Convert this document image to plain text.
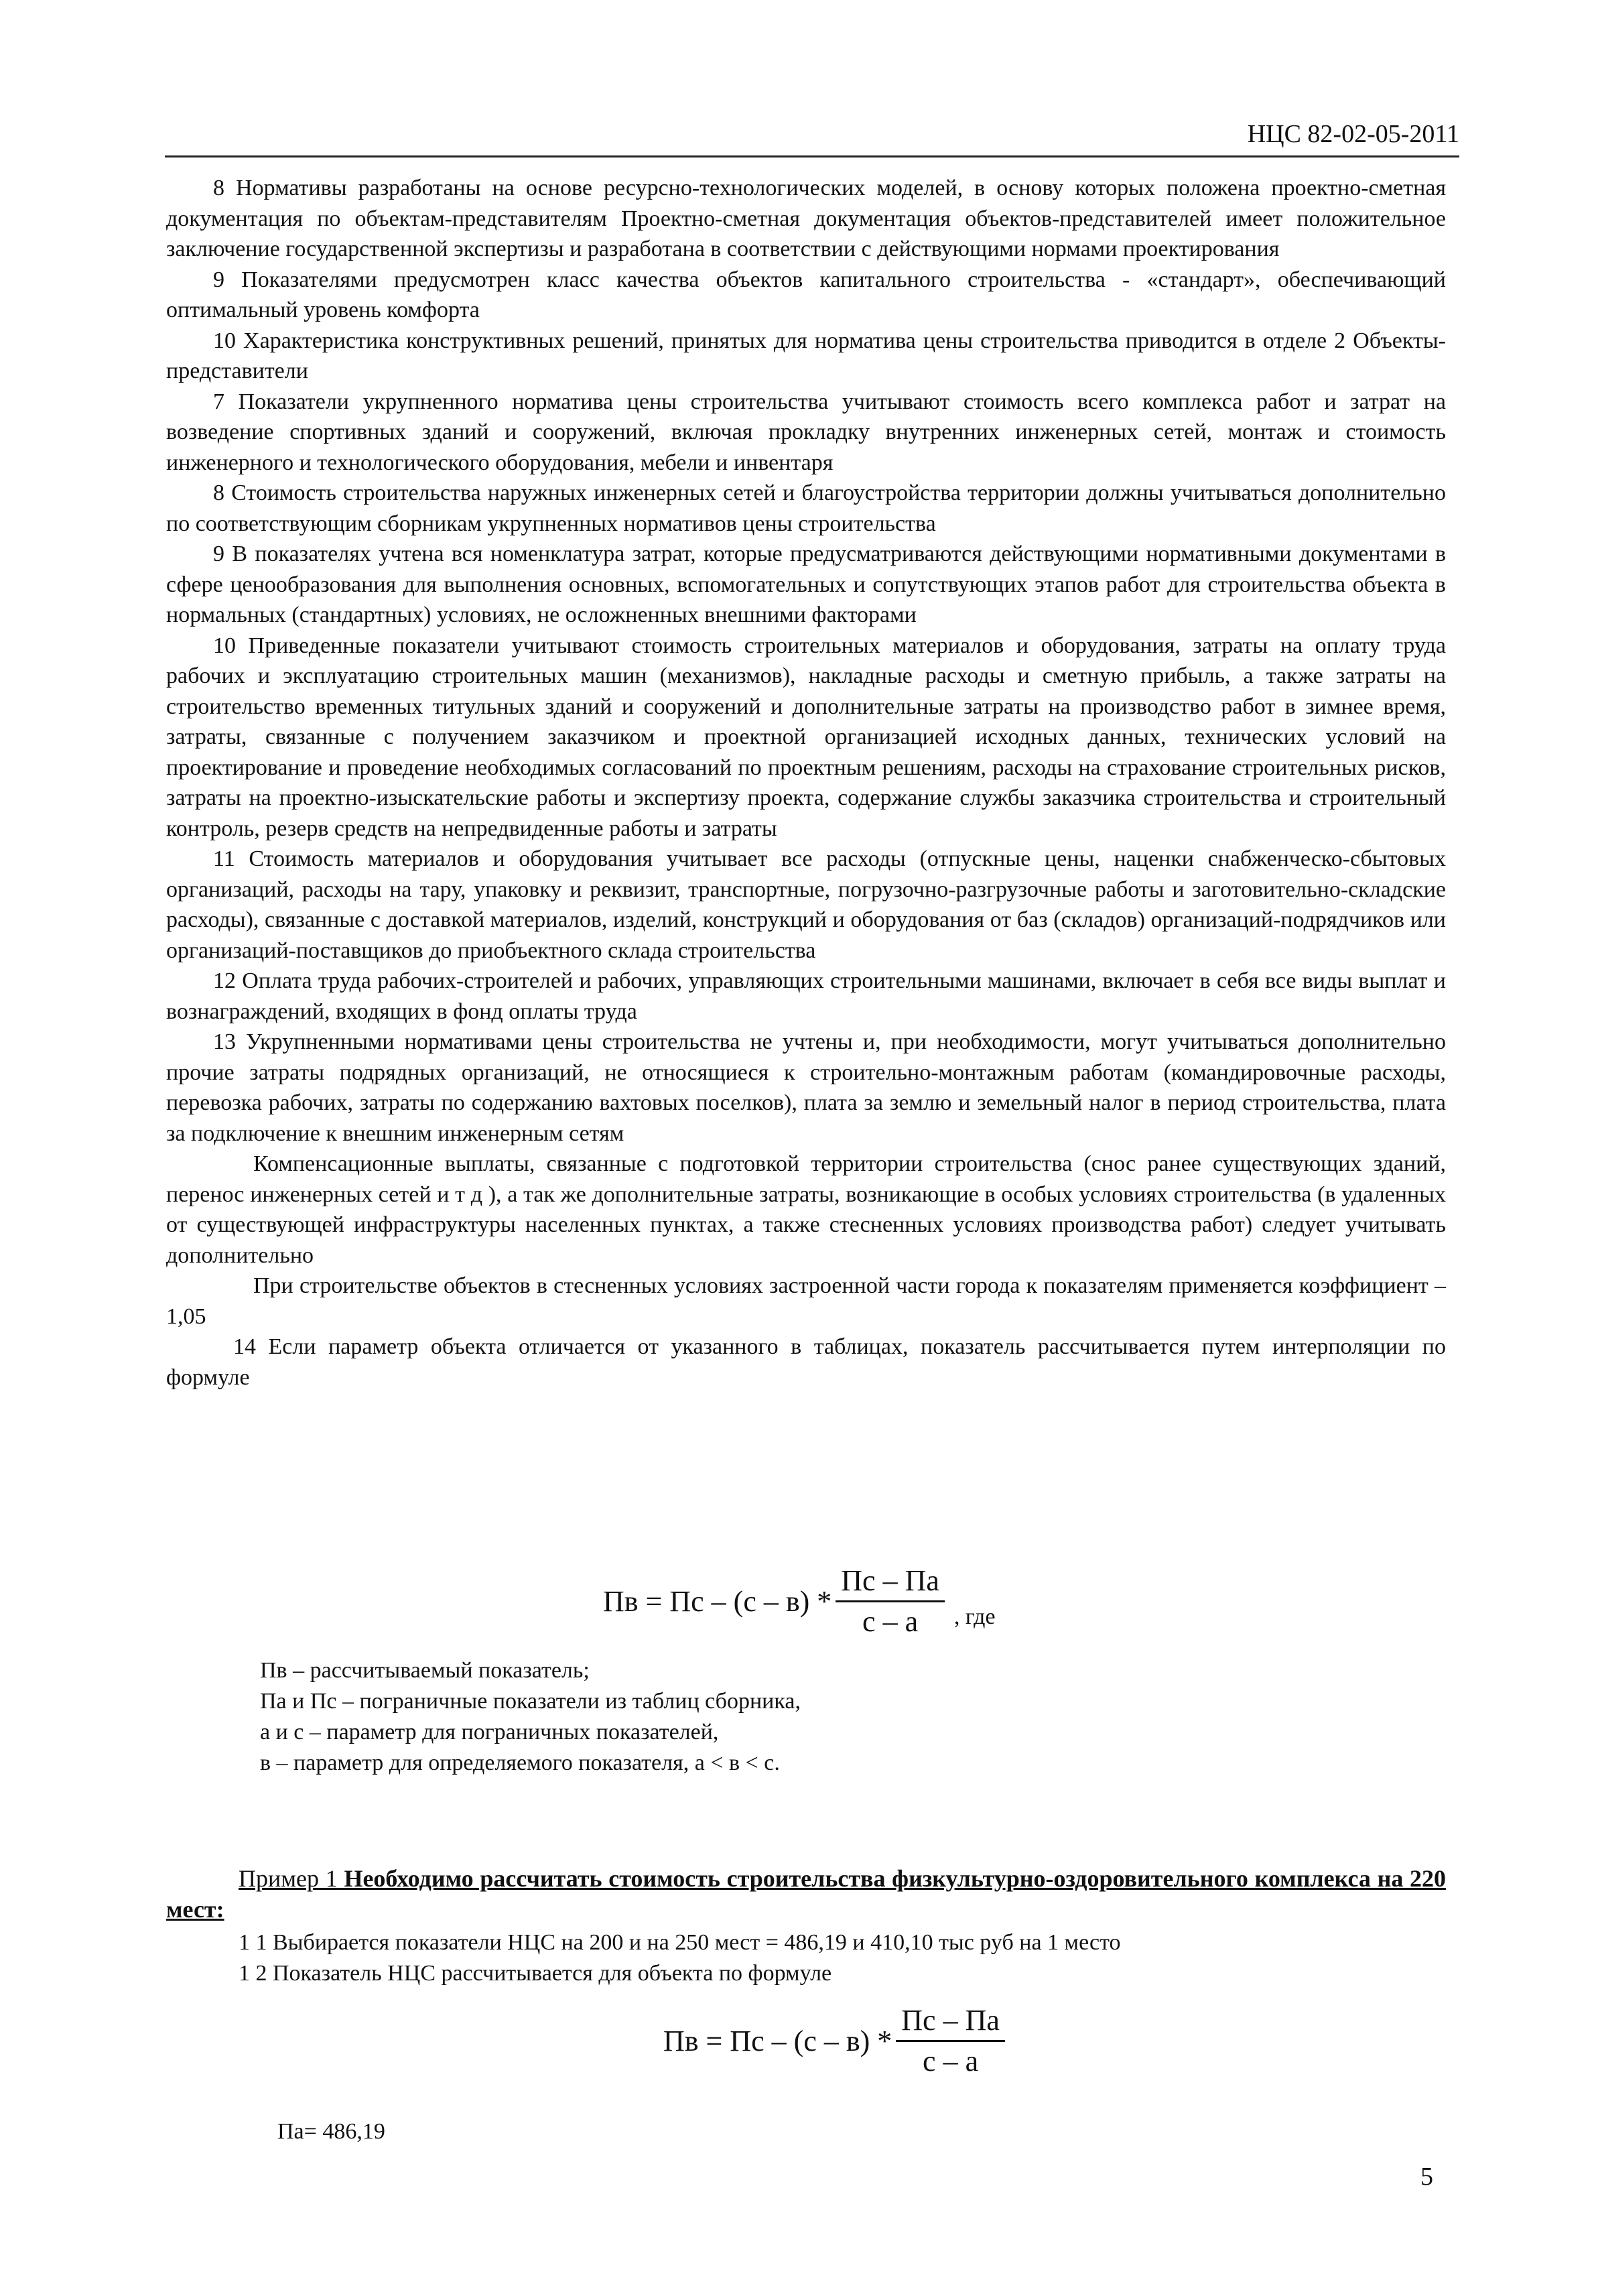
НЦС 82-02-05-2011

8 Нормативы разработаны на основе ресурсно-технологических моделей, в основу которых положена проектно-сметная документация по объектам-представителям Проектно-сметная документация объектов-представителей имеет положительное заключение государственной экспертизы и разработана в соответствии с действующими нормами проектирования

9 Показателями предусмотрен класс качества объектов капитального строительства - «стандарт», обеспечивающий оптимальный уровень комфорта

10 Характеристика конструктивных решений, принятых для норматива цены строительства приводится в отделе 2 Объекты-представители

7 Показатели укрупненного норматива цены строительства учитывают стоимость всего комплекса работ и затрат на возведение спортивных зданий и сооружений, включая прокладку внутренних инженерных сетей, монтаж и стоимость инженерного и технологического оборудования, мебели и инвентаря

8 Стоимость строительства наружных инженерных сетей и благоустройства территории должны учитываться дополнительно по соответствующим сборникам укрупненных нормативов цены строительства

9 В показателях учтена вся номенклатура затрат, которые предусматриваются действующими нормативными документами в сфере ценообразования для выполнения основных, вспомогательных и сопутствующих этапов работ для строительства объекта в нормальных (стандартных) условиях, не осложненных внешними факторами

10 Приведенные показатели учитывают стоимость строительных материалов и оборудования, затраты на оплату труда рабочих и эксплуатацию строительных машин (механизмов), накладные расходы и сметную прибыль, а также затраты на строительство временных титульных зданий и сооружений и дополнительные затраты на производство работ в зимнее время, затраты, связанные с получением заказчиком и проектной организацией исходных данных, технических условий на проектирование и проведение необходимых согласований по проектным решениям, расходы на страхование строительных рисков, затраты на проектно-изыскательские работы и экспертизу проекта, содержание службы заказчика строительства и строительный контроль, резерв средств на непредвиденные работы и затраты

11 Стоимость материалов и оборудования учитывает все расходы (отпускные цены, наценки снабженческо-сбытовых организаций, расходы на тару, упаковку и реквизит, транспортные, погрузочно-разгрузочные работы и заготовительно-складские расходы), связанные с доставкой материалов, изделий, конструкций и оборудования от баз (складов) организаций-подрядчиков или организаций-поставщиков до приобъектного склада строительства

12 Оплата труда рабочих-строителей и рабочих, управляющих строительными машинами, включает в себя все виды выплат и вознаграждений, входящих в фонд оплаты труда

13 Укрупненными нормативами цены строительства не учтены и, при необходимости, могут учитываться дополнительно прочие затраты подрядных организаций, не относящиеся к строительно-монтажным работам (командировочные расходы, перевозка рабочих, затраты по содержанию вахтовых поселков), плата за землю и земельный налог в период строительства, плата за подключение к внешним инженерным сетям

Компенсационные выплаты, связанные с подготовкой территории строительства (снос ранее существующих зданий, перенос инженерных сетей и т д ), а так же дополнительные затраты, возникающие в особых условиях строительства (в удаленных от существующей инфраструктуры населенных пунктах, а также стесненных условиях производства работ) следует учитывать дополнительно

При строительстве объектов в стесненных условиях застроенной части города к показателям применяется коэффициент – 1,05

14 Если параметр объекта отличается от указанного в таблицах, показатель рассчитывается путем интерполяции по формуле

Пв = Пс – $(с - в) * \frac{Пс - Па}{с - а}$ , где
Пв – рассчитываемый показатель;
Па и Пс – пограничные показатели из таблиц сборника,
а и с – параметр для пограничных показателей,
в – параметр для определяемого показателя, а < в < с.
Пример 1 Необходимо рассчитать стоимость строительства физкультурно-оздоровительного комплекса на 220 мест:
1 1 Выбирается показатели НЦС на 200 и на 250 мест = 486,19 и 410,10 тыс руб на 1 место
1 2 Показатель НЦС рассчитывается для объекта по формуле
Пв = Пс – $(с - в) * \frac{Пс - Па}{с - а}$
Па= 486,19
5
